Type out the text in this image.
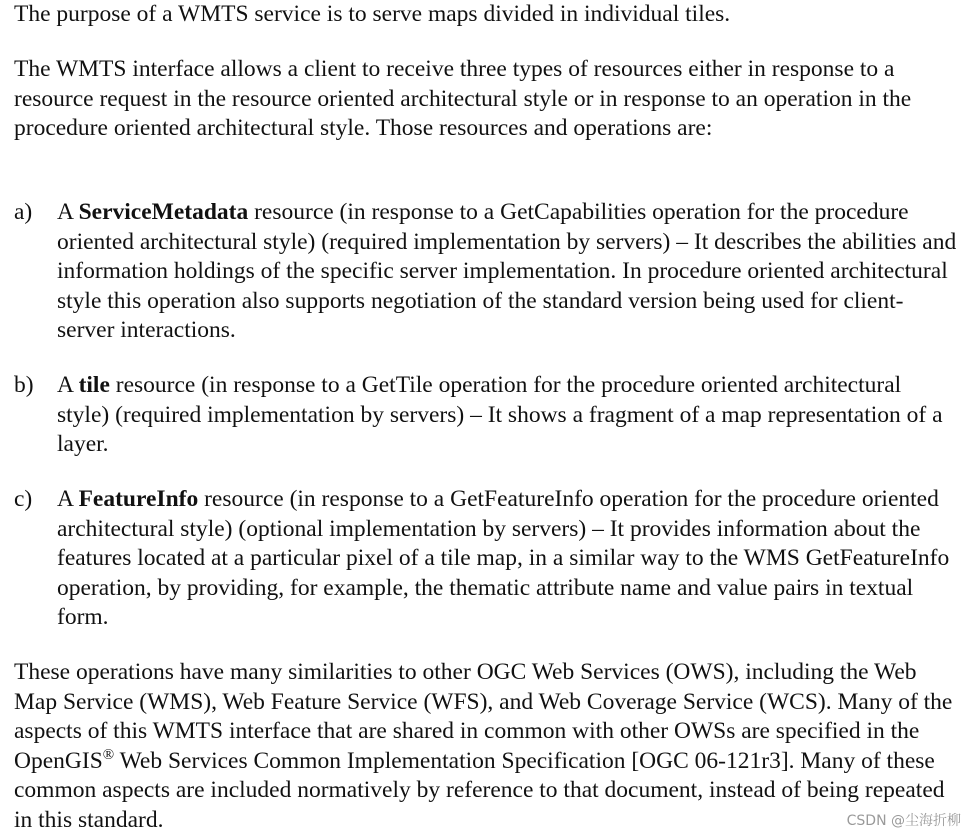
The purpose of a WMTS service is to serve maps divided in individual tiles.

The WMTS interface allows a client to receive three types of resources either in response to a resource request in the resource oriented architectural style or in response to an operation in the procedure oriented architectural style. Those resources and operations are:

a)	A ServiceMetadata resource (in response to a GetCapabilities operation for the procedure oriented architectural style) (required implementation by servers) – It describes the abilities and information holdings of the specific server implementation. In procedure oriented architectural style this operation also supports negotiation of the standard version being used for client-server interactions.
b) A tile resource (in response to a GetTile operation for the procedure oriented architectural style) (required implementation by servers) – It shows a fragment of a map representation of a layer.
c)	A FeatureInfo resource (in response to a GetFeatureInfo operation for the procedure oriented architectural style) (optional implementation by servers) – It provides information about the features located at a particular pixel of a tile map, in a similar way to the WMS GetFeatureInfo operation, by providing, for example, the thematic attribute name and value pairs in textual form.

These operations have many similarities to other OGC Web Services (OWS), including the Web Map Service (WMS), Web Feature Service (WFS), and Web Coverage Service (WCS). Many of the aspects of this WMTS interface that are shared in common with other OWSs are specified in the OpenGIS® Web Services Common Implementation Specification [OGC 06-121r3]. Many of these common aspects are included normatively by reference to that document, instead of being repeated in this standard.	CSDN @尘海折柳
